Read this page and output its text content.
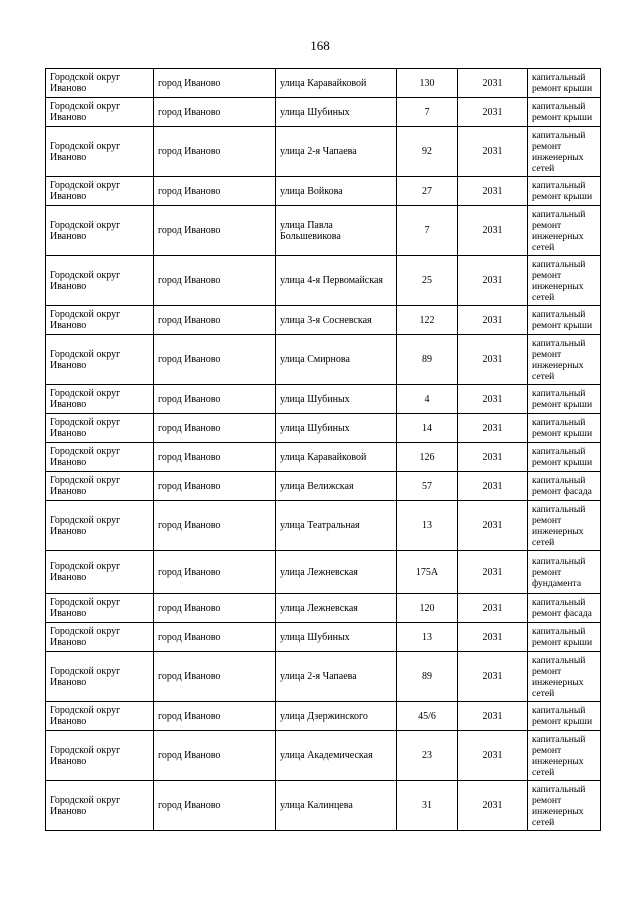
168
Городской округ Иваново	город Иваново	улица Каравайковой	130	2031	капитальный ремонт крыши
Городской округ Иваново	город Иваново	улица Шубиных	7	2031	капитальный ремонт крыши
Городской округ Иваново	город Иваново	улица 2-я Чапаева	92	2031	капитальный ремонт инженерных сетей
Городской округ Иваново	город Иваново	улица Войкова	27	2031	капитальный ремонт крыши
Городской округ Иваново	город Иваново	улица Павла Большевикова	7	2031	капитальный ремонт инженерных сетей
Городской округ Иваново	город Иваново	улица 4-я Первомайская	25	2031	капитальный ремонт инженерных сетей
Городской округ Иваново	город Иваново	улица 3-я Сосневская	122	2031	капитальный ремонт крыши
Городской округ Иваново	город Иваново	улица Смирнова	89	2031	капитальный ремонт инженерных сетей
Городской округ Иваново	город Иваново	улица Шубиных	4	2031	капитальный ремонт крыши
Городской округ Иваново	город Иваново	улица Шубиных	14	2031	капитальный ремонт крыши
Городской округ Иваново	город Иваново	улица Каравайковой	126	2031	капитальный ремонт крыши
Городской округ Иваново	город Иваново	улица Велижская	57	2031	капитальный ремонт фасада
Городской округ Иваново	город Иваново	улица Театральная	13	2031	капитальный ремонт инженерных сетей
Городской округ Иваново	город Иваново	улица Лежневская	175А	2031	капитальный ремонт фундамента
Городской округ Иваново	город Иваново	улица Лежневская	120	2031	капитальный ремонт фасада
Городской округ Иваново	город Иваново	улица Шубиных	13	2031	капитальный ремонт крыши
Городской округ Иваново	город Иваново	улица 2-я Чапаева	89	2031	капитальный ремонт инженерных сетей
Городской округ Иваново	город Иваново	улица Дзержинского	45/6	2031	капитальный ремонт крыши
Городской округ Иваново	город Иваново	улица Академическая	23	2031	капитальный ремонт инженерных сетей
Городской округ Иваново	город Иваново	улица Калинцева	31	2031	капитальный ремонт инженерных сетей
